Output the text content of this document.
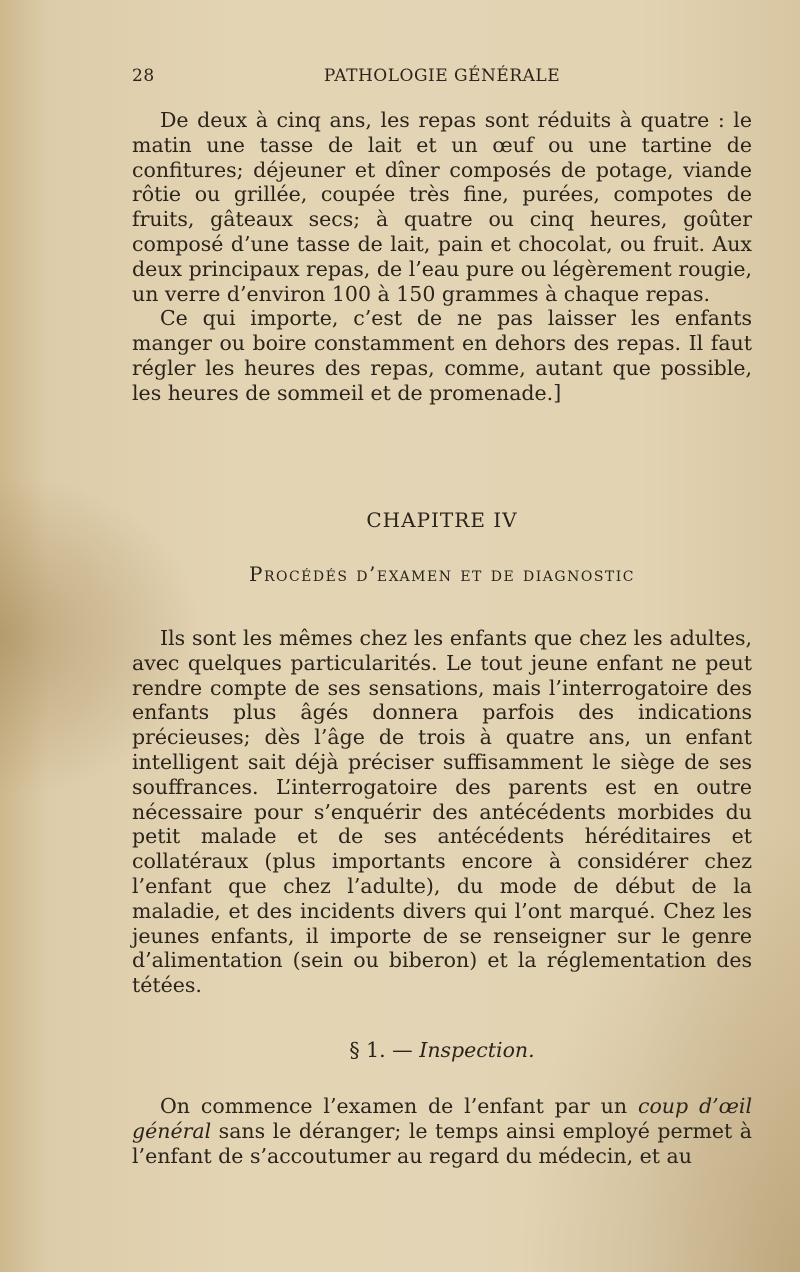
28	PATHOLOGIE GÉNÉRALE

De deux à cinq ans, les repas sont réduits à quatre : le matin une tasse de lait et un œuf ou une tartine de confitures; déjeuner et dîner composés de potage, viande rôtie ou grillée, coupée très fine, purées, compotes de fruits, gâteaux secs; à quatre ou cinq heures, goûter composé d’une tasse de lait, pain et chocolat, ou fruit. Aux deux principaux repas, de l’eau pure ou légèrement rougie, un verre d’environ 100 à 150 grammes à chaque repas.

Ce qui importe, c’est de ne pas laisser les enfants manger ou boire constamment en dehors des repas. Il faut régler les heures des repas, comme, autant que possible, les heures de sommeil et de promenade.]

CHAPITRE IV
Procédés d’examen et de diagnostic

Ils sont les mêmes chez les enfants que chez les adultes, avec quelques particularités. Le tout jeune enfant ne peut rendre compte de ses sensations, mais l’interrogatoire des enfants plus âgés donnera parfois des indications précieuses; dès l’âge de trois à quatre ans, un enfant intelligent sait déjà préciser suffisamment le siège de ses souffrances. L’interrogatoire des parents est en outre nécessaire pour s’enquérir des antécédents morbides du petit malade et de ses antécédents héréditaires et collatéraux (plus importants encore à considérer chez l’enfant que chez l’adulte), du mode de début de la maladie, et des incidents divers qui l’ont marqué. Chez les jeunes enfants, il importe de se renseigner sur le genre d’alimentation (sein ou biberon) et la réglementation des tétées.

§ 1. — Inspection.

On commence l’examen de l’enfant par un coup d’œil général sans le déranger; le temps ainsi employé permet à l’enfant de s’accoutumer au regard du médecin, et au
